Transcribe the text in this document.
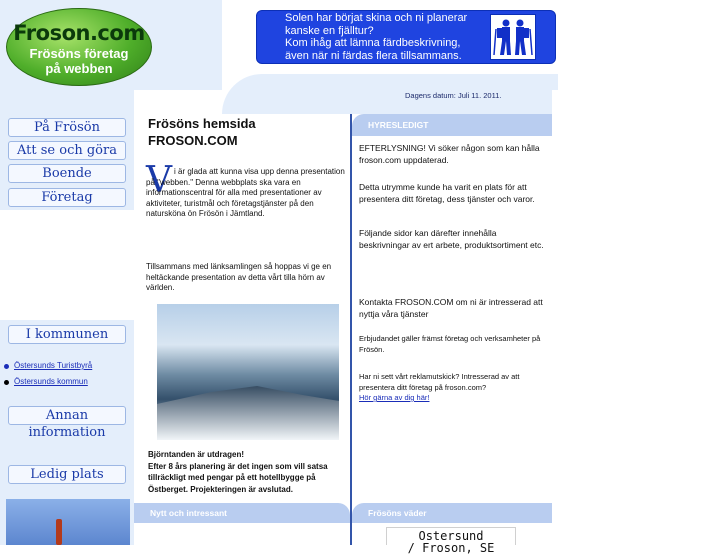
Froson.com
Frösöns företag
på webben
Solen har börjat skina och ni planerar
kanske en fjälltur?
Kom ihåg att lämna färdbeskrivning,
även när ni färdas flera tillsammans.
Dagens datum: Juli 11. 2011.
På Frösön
Att se och göra
Boende
Företag
I kommunen
Östersunds Turistbyrå
Östersunds kommun
Annan information
Ledig plats
Frösöns hemsida
FROSON.COM
V i är glada att kunna visa upp denna presentation på "webben." Denna webbplats ska vara en informationscentral för alla med presentationer av aktiviteter, turistmål och företagstjänster på den natursköna ön Frösön i Jämtland.
Tillsammans med länksamlingen så hoppas vi ge en heltäckande presentation av detta vårt tilla hörn av världen.
Björntanden är utdragen!
Efter 8 års planering är det ingen som vill satsa tillräckligt med pengar på ett hotellbygge på Östberget. Projekteringen är avslutad.
Nytt och intressant
HYRESLEDIGT
EFTERLYSNING! Vi söker någon som kan hålla froson.com uppdaterad.
Detta utrymme kunde ha varit en plats för att presentera ditt företag, dess tjänster och varor.
Följande sidor kan därefter innehålla beskrivningar av ert arbete, produktsortiment etc.
Kontakta FROSON.COM om ni är intresserad att nyttja våra tjänster
Erbjudandet gäller främst företag och verksamheter på Frösön.
Har ni sett vårt reklamutskick? Intresserad av att presentera ditt företag på froson.com?
Hör gärna av dig här!
Frösöns väder
Ostersund
/ Froson, SE
